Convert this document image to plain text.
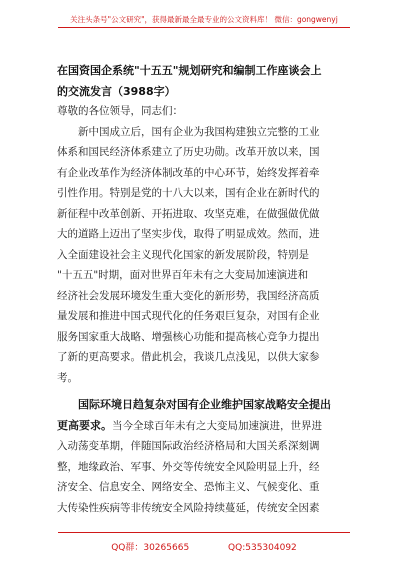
关注头条号"公文研究"，获得最新最全最专业的公文资料库！ 微信：gongwenyj
在国资国企系统"十五五"规划研究和编制工作座谈会上
的交流发言（3988字）
尊敬的各位领导，同志们：
新中国成立后，国有企业为我国构建独立完整的工业
体系和国民经济体系建立了历史功勋。改革开放以来，国
有企业改革作为经济体制改革的中心环节，始终发挥着牵
引性作用。特别是党的十八大以来，国有企业在新时代的
新征程中改革创新、开拓进取、攻坚克难，在做强做优做
大的道路上迈出了坚实步伐，取得了明显成效。然而，进
入全面建设社会主义现代化国家的新发展阶段，特别是
"十五五"时期，面对世界百年未有之大变局加速演进和
经济社会发展环境发生重大变化的新形势，我国经济高质
量发展和推进中国式现代化的任务艰巨复杂，对国有企业
服务国家重大战略、增强核心功能和提高核心竞争力提出
了新的更高要求。借此机会，我谈几点浅见，以供大家参
考。
国际环境日趋复杂对国有企业维护国家战略安全提出
更高要求。当今全球百年未有之大变局加速演进，世界进
入动荡变革期，伴随国际政治经济格局和大国关系深刻调
整，地缘政治、军事、外交等传统安全风险明显上升，经
济安全、信息安全、网络安全、恐怖主义、气候变化、重
大传染性疾病等非传统安全风险持续蔓延，传统安全因素
QQ群：30265665	QQ:535304092
